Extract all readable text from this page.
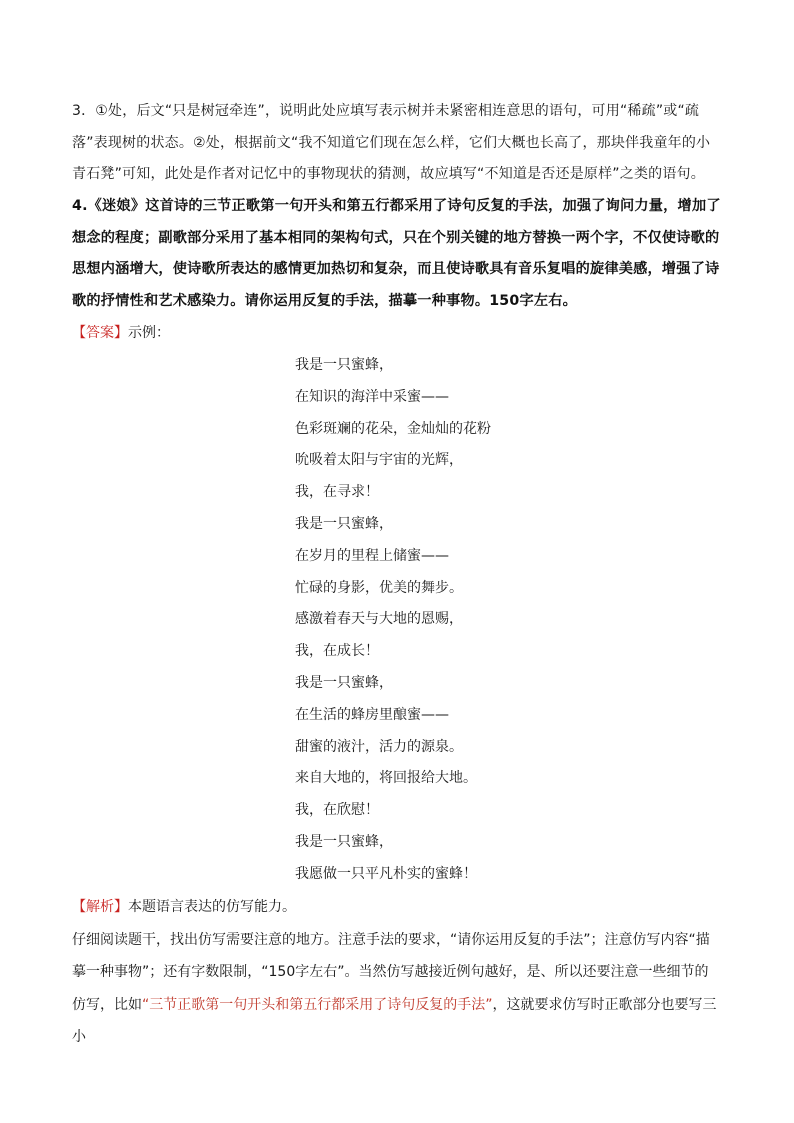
3．①处，后文“只是树冠牵连”，说明此处应填写表示树并未紧密相连意思的语句，可用“稀疏”或“疏落”表现树的状态。②处，根据前文“我不知道它们现在怎么样，它们大概也长高了，那块伴我童年的小青石凳”可知，此处是作者对记忆中的事物现状的猜测，故应填写“不知道是否还是原样”之类的语句。
4.《迷娘》这首诗的三节正歌第一句开头和第五行都采用了诗句反复的手法，加强了询问力量，增加了想念的程度；副歌部分采用了基本相同的架构句式，只在个别关键的地方替换一两个字，不仅使诗歌的思想内涵增大，使诗歌所表达的感情更加热切和复杂，而且使诗歌具有音乐复唱的旋律美感，增强了诗歌的抒情性和艺术感染力。请你运用反复的手法，描摹一种事物。150字左右。
【答案】示例：
我是一只蜜蜂，
在知识的海洋中采蜜——
色彩斑斓的花朵，金灿灿的花粉
吮吸着太阳与宇宙的光辉，
我，在寻求！
我是一只蜜蜂，
在岁月的里程上储蜜——
忙碌的身影，优美的舞步。
感激着春天与大地的恩赐，
我，在成长！
我是一只蜜蜂，
在生活的蜂房里酿蜜——
甜蜜的液汁，活力的源泉。
来自大地的，将回报给大地。
我，在欣慰！
我是一只蜜蜂，
我愿做一只平凡朴实的蜜蜂！
【解析】本题语言表达的仿写能力。
仔细阅读题干，找出仿写需要注意的地方。注意手法的要求，“请你运用反复的手法”；注意仿写内容“描摹一种事物”；还有字数限制，“150字左右”。当然仿写越接近例句越好，是、所以还要注意一些细节的仿写，比如“三节正歌第一句开头和第五行都采用了诗句反复的手法”，这就要求仿写时正歌部分也要写三小
